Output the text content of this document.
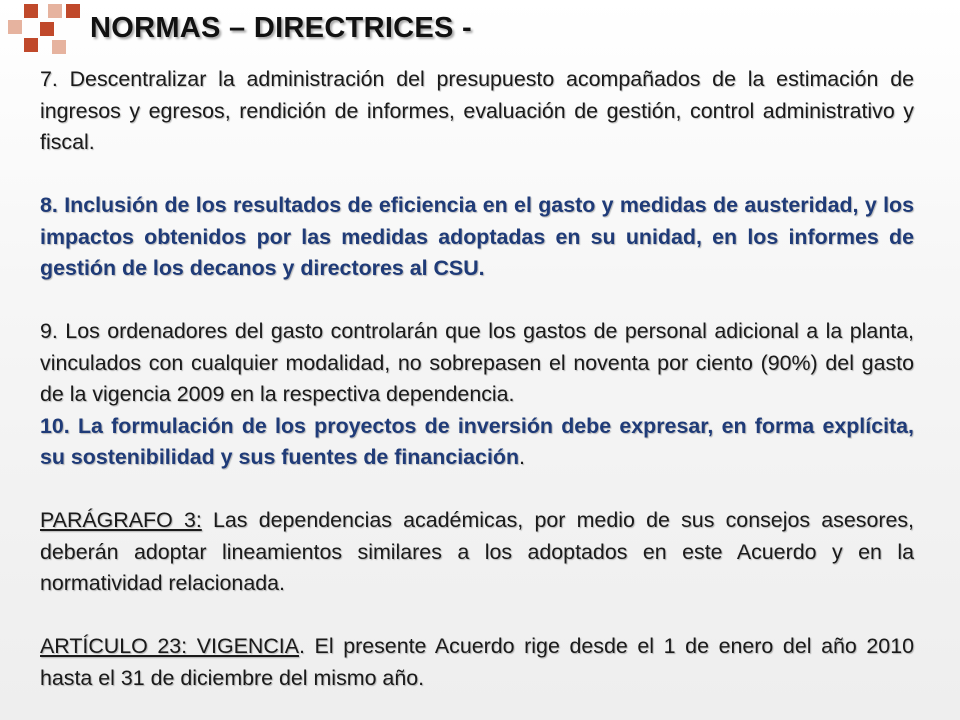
NORMAS – DIRECTRICES -

7. Descentralizar la administración del presupuesto acompañados de la estimación de ingresos y egresos, rendición de informes, evaluación de gestión, control administrativo y fiscal.

8. Inclusión de los resultados de eficiencia en el gasto y medidas de austeridad, y los impactos obtenidos por las medidas adoptadas en su unidad, en los informes de gestión de los decanos y directores al CSU.

9. Los ordenadores del gasto controlarán que los gastos de personal adicional a la planta, vinculados con cualquier modalidad, no sobrepasen el noventa por ciento (90%) del gasto de la vigencia 2009 en la respectiva dependencia.

10. La formulación de los proyectos de inversión debe expresar, en forma explícita, su sostenibilidad y sus fuentes de financiación.

PARÁGRAFO 3: Las dependencias académicas, por medio de sus consejos asesores, deberán adoptar lineamientos similares a los adoptados en este Acuerdo y en la normatividad relacionada.

ARTÍCULO 23: VIGENCIA. El presente Acuerdo rige desde el 1 de enero del año 2010 hasta el 31 de diciembre del mismo año.
